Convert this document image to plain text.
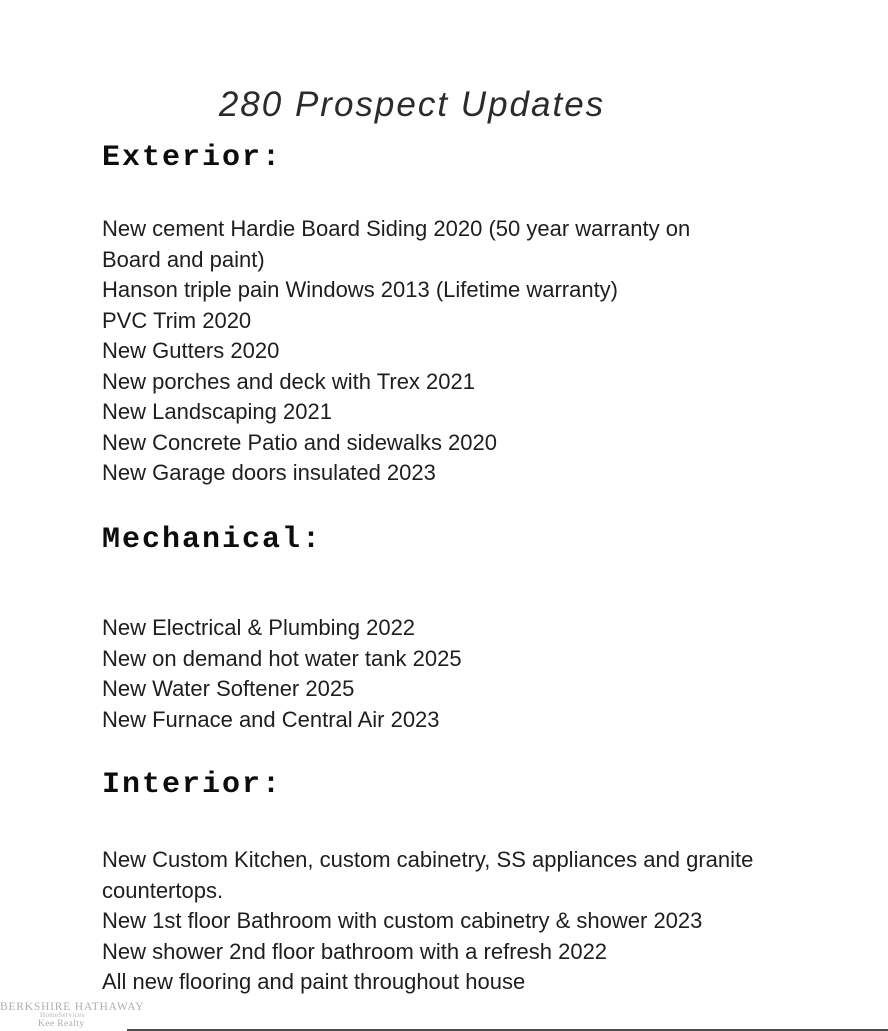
280 Prospect Updates
Exterior:
New cement Hardie Board Siding 2020 (50 year warranty on
Board and paint)
Hanson triple pain Windows 2013 (Lifetime warranty)
PVC Trim 2020
New Gutters 2020
New porches and deck with Trex 2021
New Landscaping 2021
New Concrete Patio and sidewalks 2020
New Garage doors insulated 2023
Mechanical:
New Electrical & Plumbing 2022
New on demand hot water tank 2025
New Water Softener 2025
New Furnace and Central Air 2023
Interior:
New Custom Kitchen, custom cabinetry, SS appliances and granite
countertops.
New 1st floor Bathroom with custom cabinetry & shower 2023
New shower 2nd floor bathroom with a refresh 2022
All new flooring and paint throughout house
BERKSHIRE HATHAWAY
HomeServices
Kee Realty
